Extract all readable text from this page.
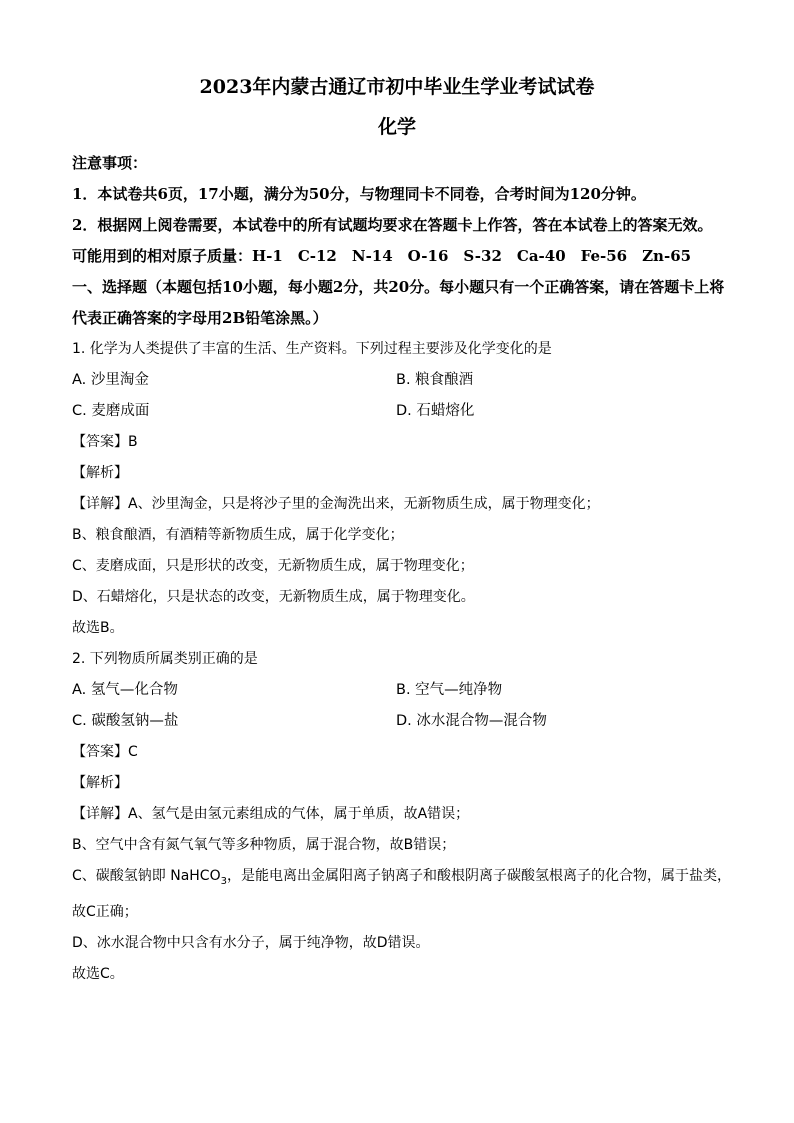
2023年内蒙古通辽市初中毕业生学业考试试卷
化学
注意事项：
1．本试卷共6页，17小题，满分为50分，与物理同卡不同卷，合考时间为120分钟。
2．根据网上阅卷需要，本试卷中的所有试题均要求在答题卡上作答，答在本试卷上的答案无效。
可能用到的相对原子质量：H-1　C-12　N-14　O-16　S-32　Ca-40　Fe-56　Zn-65
一、选择题（本题包括10小题，每小题2分，共20分。每小题只有一个正确答案，请在答题卡上将代表正确答案的字母用2B铅笔涂黑。）
1. 化学为人类提供了丰富的生活、生产资料。下列过程主要涉及化学变化的是
A. 沙里淘金	B. 粮食酿酒
C. 麦磨成面	D. 石蜡熔化
【答案】B
【解析】
【详解】A、沙里淘金，只是将沙子里的金淘洗出来，无新物质生成，属于物理变化；
B、粮食酿酒，有酒精等新物质生成，属于化学变化；
C、麦磨成面，只是形状的改变，无新物质生成，属于物理变化；
D、石蜡熔化，只是状态的改变，无新物质生成，属于物理变化。
故选B。
2. 下列物质所属类别正确的是
A. 氢气—化合物	B. 空气—纯净物
C. 碳酸氢钠—盐	D. 冰水混合物—混合物
【答案】C
【解析】
【详解】A、氢气是由氢元素组成的气体，属于单质，故A错误；
B、空气中含有氮气氧气等多种物质，属于混合物，故B错误；
C、碳酸氢钠即 NaHCO$_3$，是能电离出金属阳离子钠离子和酸根阴离子碳酸氢根离子的化合物，属于盐类，故C正确；
D、冰水混合物中只含有水分子，属于纯净物，故D错误。
故选C。
